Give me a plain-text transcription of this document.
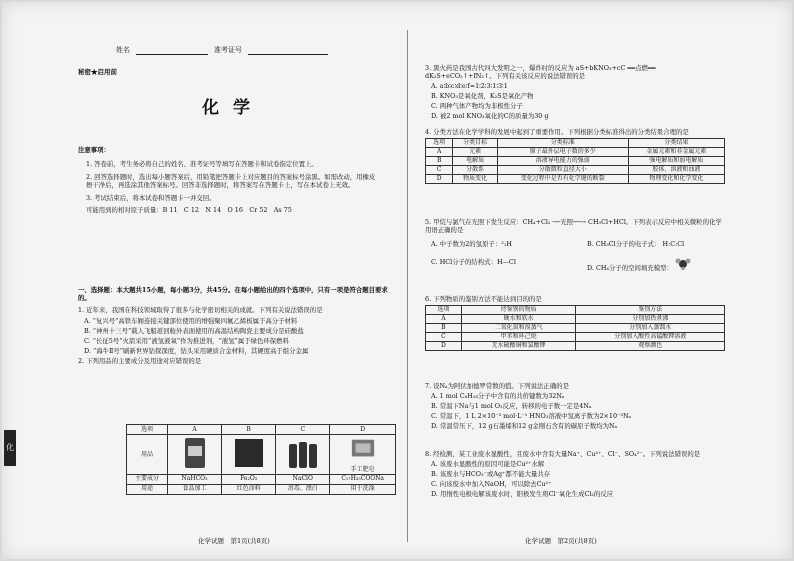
化
姓名	准考证号
秘密★启用前
化学

注意事项：

1. 答卷前，考生务必将自己的姓名、准考证号等填写在答题卡和试卷指定位置上。

2. 回答选择题时，选出每小题答案后，用铅笔把答题卡上对应题目的答案标号涂黑。如需改动，用橡皮擦干净后，再选涂其他答案标号。回答非选择题时，将答案写在答题卡上，写在本试卷上无效。

3. 考试结束后，将本试卷和答题卡一并交回。

可能用到的相对原子质量：B 11　C 12　N 14　O 16　Cr 52　As 75

一、选择题：本大题共15小题，每小题3分，共45分。在每小题给出的四个选项中，只有一项是符合题目要求的。

1. 近年来，我国在科技领域取得了很多与化学密切相关的成就。下列有关说法错误的是

A. “复兴号”高铁车厢连接关键部位使用的增强聚四氟乙烯板属于高分子材料

B. “神州十三号”载人飞船返回舱外表面使用的高温结构陶瓷主要成分是硅酸盐

C. “长征5号”火箭采用“液氢液氧”作为推进剂，“液氢”属于绿色环保燃料

D. “海牛Ⅱ号”刷新世界钻探深度，钻头采用硬质合金材料，其硬度高于组分金属

2. 下列用品的主要成分及用途对应错误的是

选项	A	B	C	D
用品				手工肥皂

主要成分	NaHCO₃	Fe₂O₃	NaClO	C₁₇H₃₅COONa
用途	食品加工	红色涂料	消毒、漂白	用于洗涤
化学试题　第1页(共8页)

3. 黑火药是我国古代四大发明之一，爆炸时的反应为 aS+bKNO₃+cC ══点燃══ dK₂S+eCO₂↑+fN₂↑。下列有关该反应的说法错误的是

A. a∶b∶c∶d∶e∶f=1∶2∶3∶1∶3∶1

B. KNO₃是氧化剂，K₂S是氧化产物

C. 两种气体产物均为非极性分子

D. 被2 mol KNO₃氧化的C的质量为30 g

4. 分类方法在化学学科的发展中起到了重要作用。下列根据分类标准得出的分类结果合理的是

选项	分类目标	分类标准	分类结果
A	元素	原子最外层电子数的多少	金属元素和非金属元素
B	电解质	溶液导电能力的强弱	强电解质和弱电解质
C	分散系	分散微粒直径大小	胶体、溶液和浊液
D	物质变化	变化过程中是否有化学键的断裂	物理变化和化学变化

5. 甲烷与氯气在光照下发生反应：CH₄+Cl₂ ──光照──→ CH₃Cl+HCl。下列表示反应中相关微粒的化学用语正确的是

A. 中子数为2的氢原子：²₁H	B. CH₃Cl分子的电子式： H:C:Cl

C. HCl分子的结构式：H—Cl

D. CH₄分子的空间填充模型：

6. 下列物质的鉴别方法不能达到目的的是

选项	待鉴别的物质	鉴别方法
A	硬水和软水	分别加热煮沸
B	二氧化氮和溴蒸气	分别加入蒸馏水
C	甲苯和环己烷	分别加入酸性高锰酸钾溶液
D	无水硫酸铜和氯酸钾	观察颜色

7. 设Nₐ为阿伏加德罗常数的值。下列说法正确的是

A. 1 mol C₈H₁₈分子中含有的共价键数为32Nₐ

B. 常温下Na与1 mol O₂反应，转移的电子数一定是4Nₐ

C. 常温下，1 L 2×10⁻³ mol·L⁻¹ HNO₃溶液中氢离子数为2×10⁻³Nₐ

D. 常温常压下，12 g石墨烯和12 g金刚石含有的碳原子数均为Nₐ

8. 经检测，某工业废水显酸性，且废水中含有大量Na⁺、Cu²⁺、Cl⁻、SO₄²⁻。下列说法错误的是

A. 该废水显酸性的原因可能是Cu²⁺水解

B. 该废水与HCO₃⁻或Ag⁺都不能大量共存

C. 向该废水中加入NaOH，可以除去Cu²⁺

D. 用惰性电极电解该废水时，阳极发生将Cl⁻氧化生成Cl₂的反应

化学试题　第2页(共8页)
